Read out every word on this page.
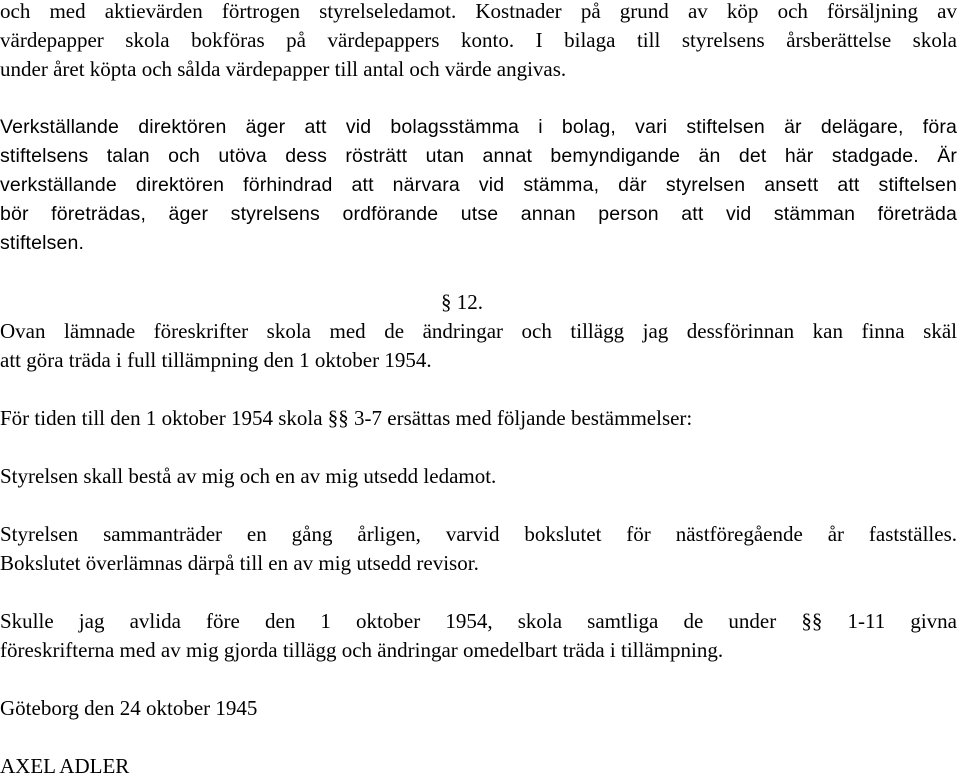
och med aktievärden förtrogen styrelseledamot. Kostnader på grund av köp och försäljning av
värdepapper skola bokföras på värdepappers konto. I bilaga till styrelsens årsberättelse skola
under året köpta och sålda värdepapper till antal och värde angivas.
Verkställande direktören äger att vid bolagsstämma i bolag, vari stiftelsen är delägare, föra
stiftelsens talan och utöva dess rösträtt utan annat bemyndigande än det här stadgade. Är
verkställande direktören förhindrad att närvara vid stämma, där styrelsen ansett att stiftelsen
bör företrädas, äger styrelsens ordförande utse annan person att vid stämman företräda
stiftelsen.
§ 12.
Ovan lämnade föreskrifter skola med de ändringar och tillägg jag dessförinnan kan finna skäl
att göra träda i full tillämpning den 1 oktober 1954.
För tiden till den 1 oktober 1954 skola §§ 3-7 ersättas med följande bestämmelser:
Styrelsen skall bestå av mig och en av mig utsedd ledamot.
Styrelsen sammanträder en gång årligen, varvid bokslutet för nästföregående år fastställes.
Bokslutet överlämnas därpå till en av mig utsedd revisor.
Skulle jag avlida före den 1 oktober 1954, skola samtliga de under §§ 1-11 givna
föreskrifterna med av mig gjorda tillägg och ändringar omedelbart träda i tillämpning.
Göteborg den 24 oktober 1945
AXEL ADLER
